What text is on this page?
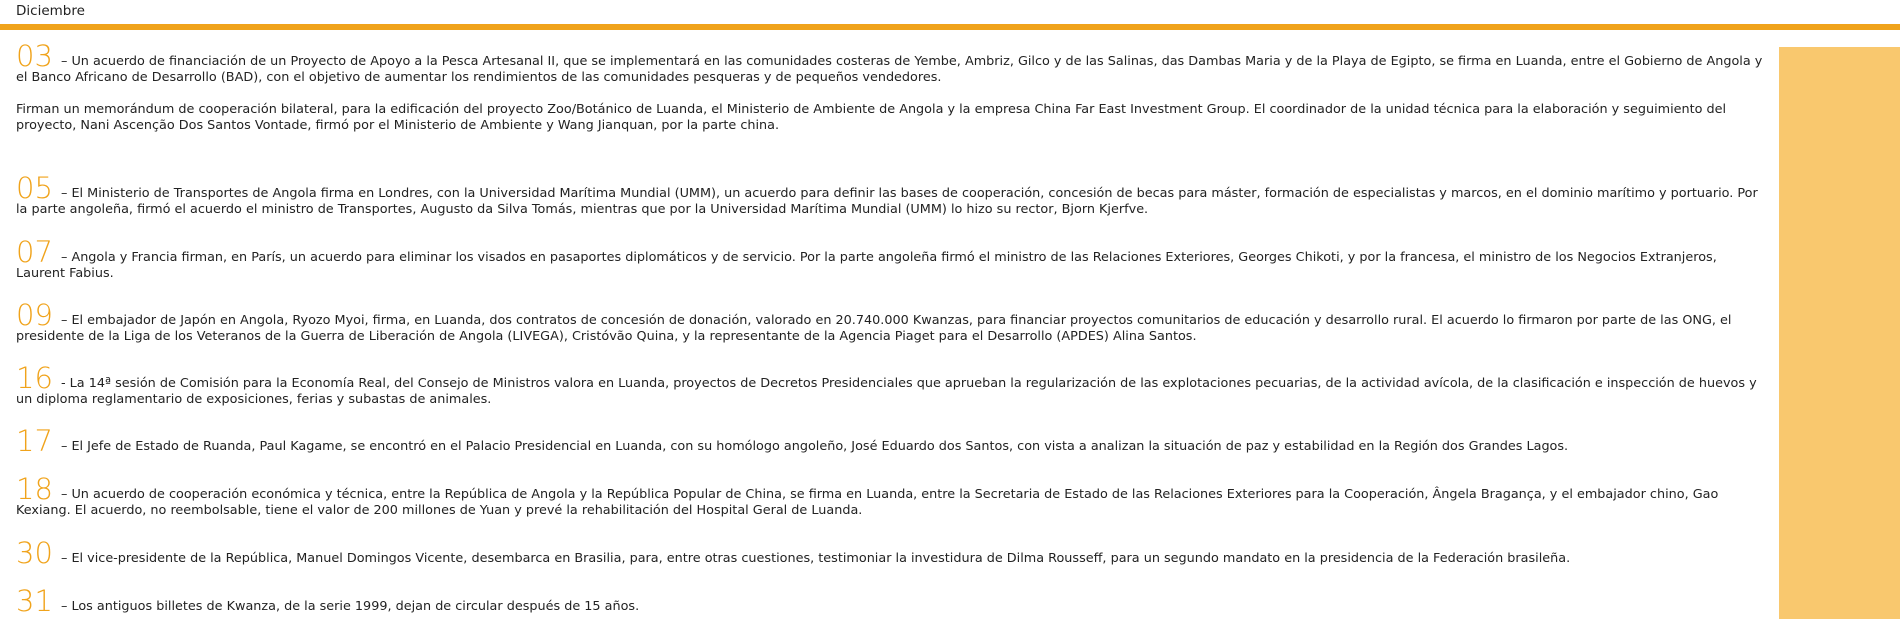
Diciembre

03 – Un acuerdo de financiación de un Proyecto de Apoyo a la Pesca Artesanal II, que se implementará en las comunidades costeras de Yembe, Ambriz, Gilco y de las Salinas, das Dambas Maria y de la Playa de Egipto, se firma en Luanda, entre el Gobierno de Angola y el Banco Africano de Desarrollo (BAD), con el objetivo de aumentar los rendimientos de las comunidades pesqueras y de pequeños vendedores.

Firman un memorándum de cooperación bilateral, para la edificación del proyecto Zoo/Botánico de Luanda, el Ministerio de Ambiente de Angola y la empresa China Far East Investment Group. El coordinador de la unidad técnica para la elaboración y seguimiento del proyecto, Nani Ascenção Dos Santos Vontade, firmó por el Ministerio de Ambiente y Wang Jianquan, por la parte china.

05 – El Ministerio de Transportes de Angola firma en Londres, con la Universidad Marítima Mundial (UMM), un acuerdo para definir las bases de cooperación, concesión de becas para máster, formación de especialistas y marcos, en el dominio marítimo y portuario. Por la parte angoleña, firmó el acuerdo el ministro de Transportes, Augusto da Silva Tomás, mientras que por la Universidad Marítima Mundial (UMM) lo hizo su rector, Bjorn Kjerfve.

07 – Angola y Francia firman, en París, un acuerdo para eliminar los visados en pasaportes diplomáticos y de servicio. Por la parte angoleña firmó el ministro de las Relaciones Exteriores, Georges Chikoti, y por la francesa, el ministro de los Negocios Extranjeros, Laurent Fabius.

09 – El embajador de Japón en Angola, Ryozo Myoi, firma, en Luanda, dos contratos de concesión de donación, valorado en 20.740.000 Kwanzas, para financiar proyectos comunitarios de educación y desarrollo rural. El acuerdo lo firmaron por parte de las ONG, el presidente de la Liga de los Veteranos de la Guerra de Liberación de Angola (LIVEGA), Cristóvão Quina, y la representante de la Agencia Piaget para el Desarrollo (APDES) Alina Santos.

16 - La 14ª sesión de Comisión para la Economía Real, del Consejo de Ministros valora en Luanda, proyectos de Decretos Presidenciales que aprueban la regularización de las explotaciones pecuarias, de la actividad avícola, de la clasificación e inspección de huevos y un diploma reglamentario de exposiciones, ferias y subastas de animales.

17 – El Jefe de Estado de Ruanda, Paul Kagame, se encontró en el Palacio Presidencial en Luanda, con su homólogo angoleño, José Eduardo dos Santos, con vista a analizan la situación de paz y estabilidad en la Región dos Grandes Lagos.

18 – Un acuerdo de cooperación económica y técnica, entre la República de Angola y la República Popular de China, se firma en Luanda, entre la Secretaria de Estado de las Relaciones Exteriores para la Cooperación, Ângela Bragança, y el embajador chino, Gao Kexiang. El acuerdo, no reembolsable, tiene el valor de 200 millones de Yuan y prevé la rehabilitación del Hospital Geral de Luanda.

30 – El vice-presidente de la República, Manuel Domingos Vicente, desembarca en Brasilia, para, entre otras cuestiones, testimoniar la investidura de Dilma Rousseff, para un segundo mandato en la presidencia de la Federación brasileña.

31 – Los antiguos billetes de Kwanza, de la serie 1999, dejan de circular después de 15 años.
